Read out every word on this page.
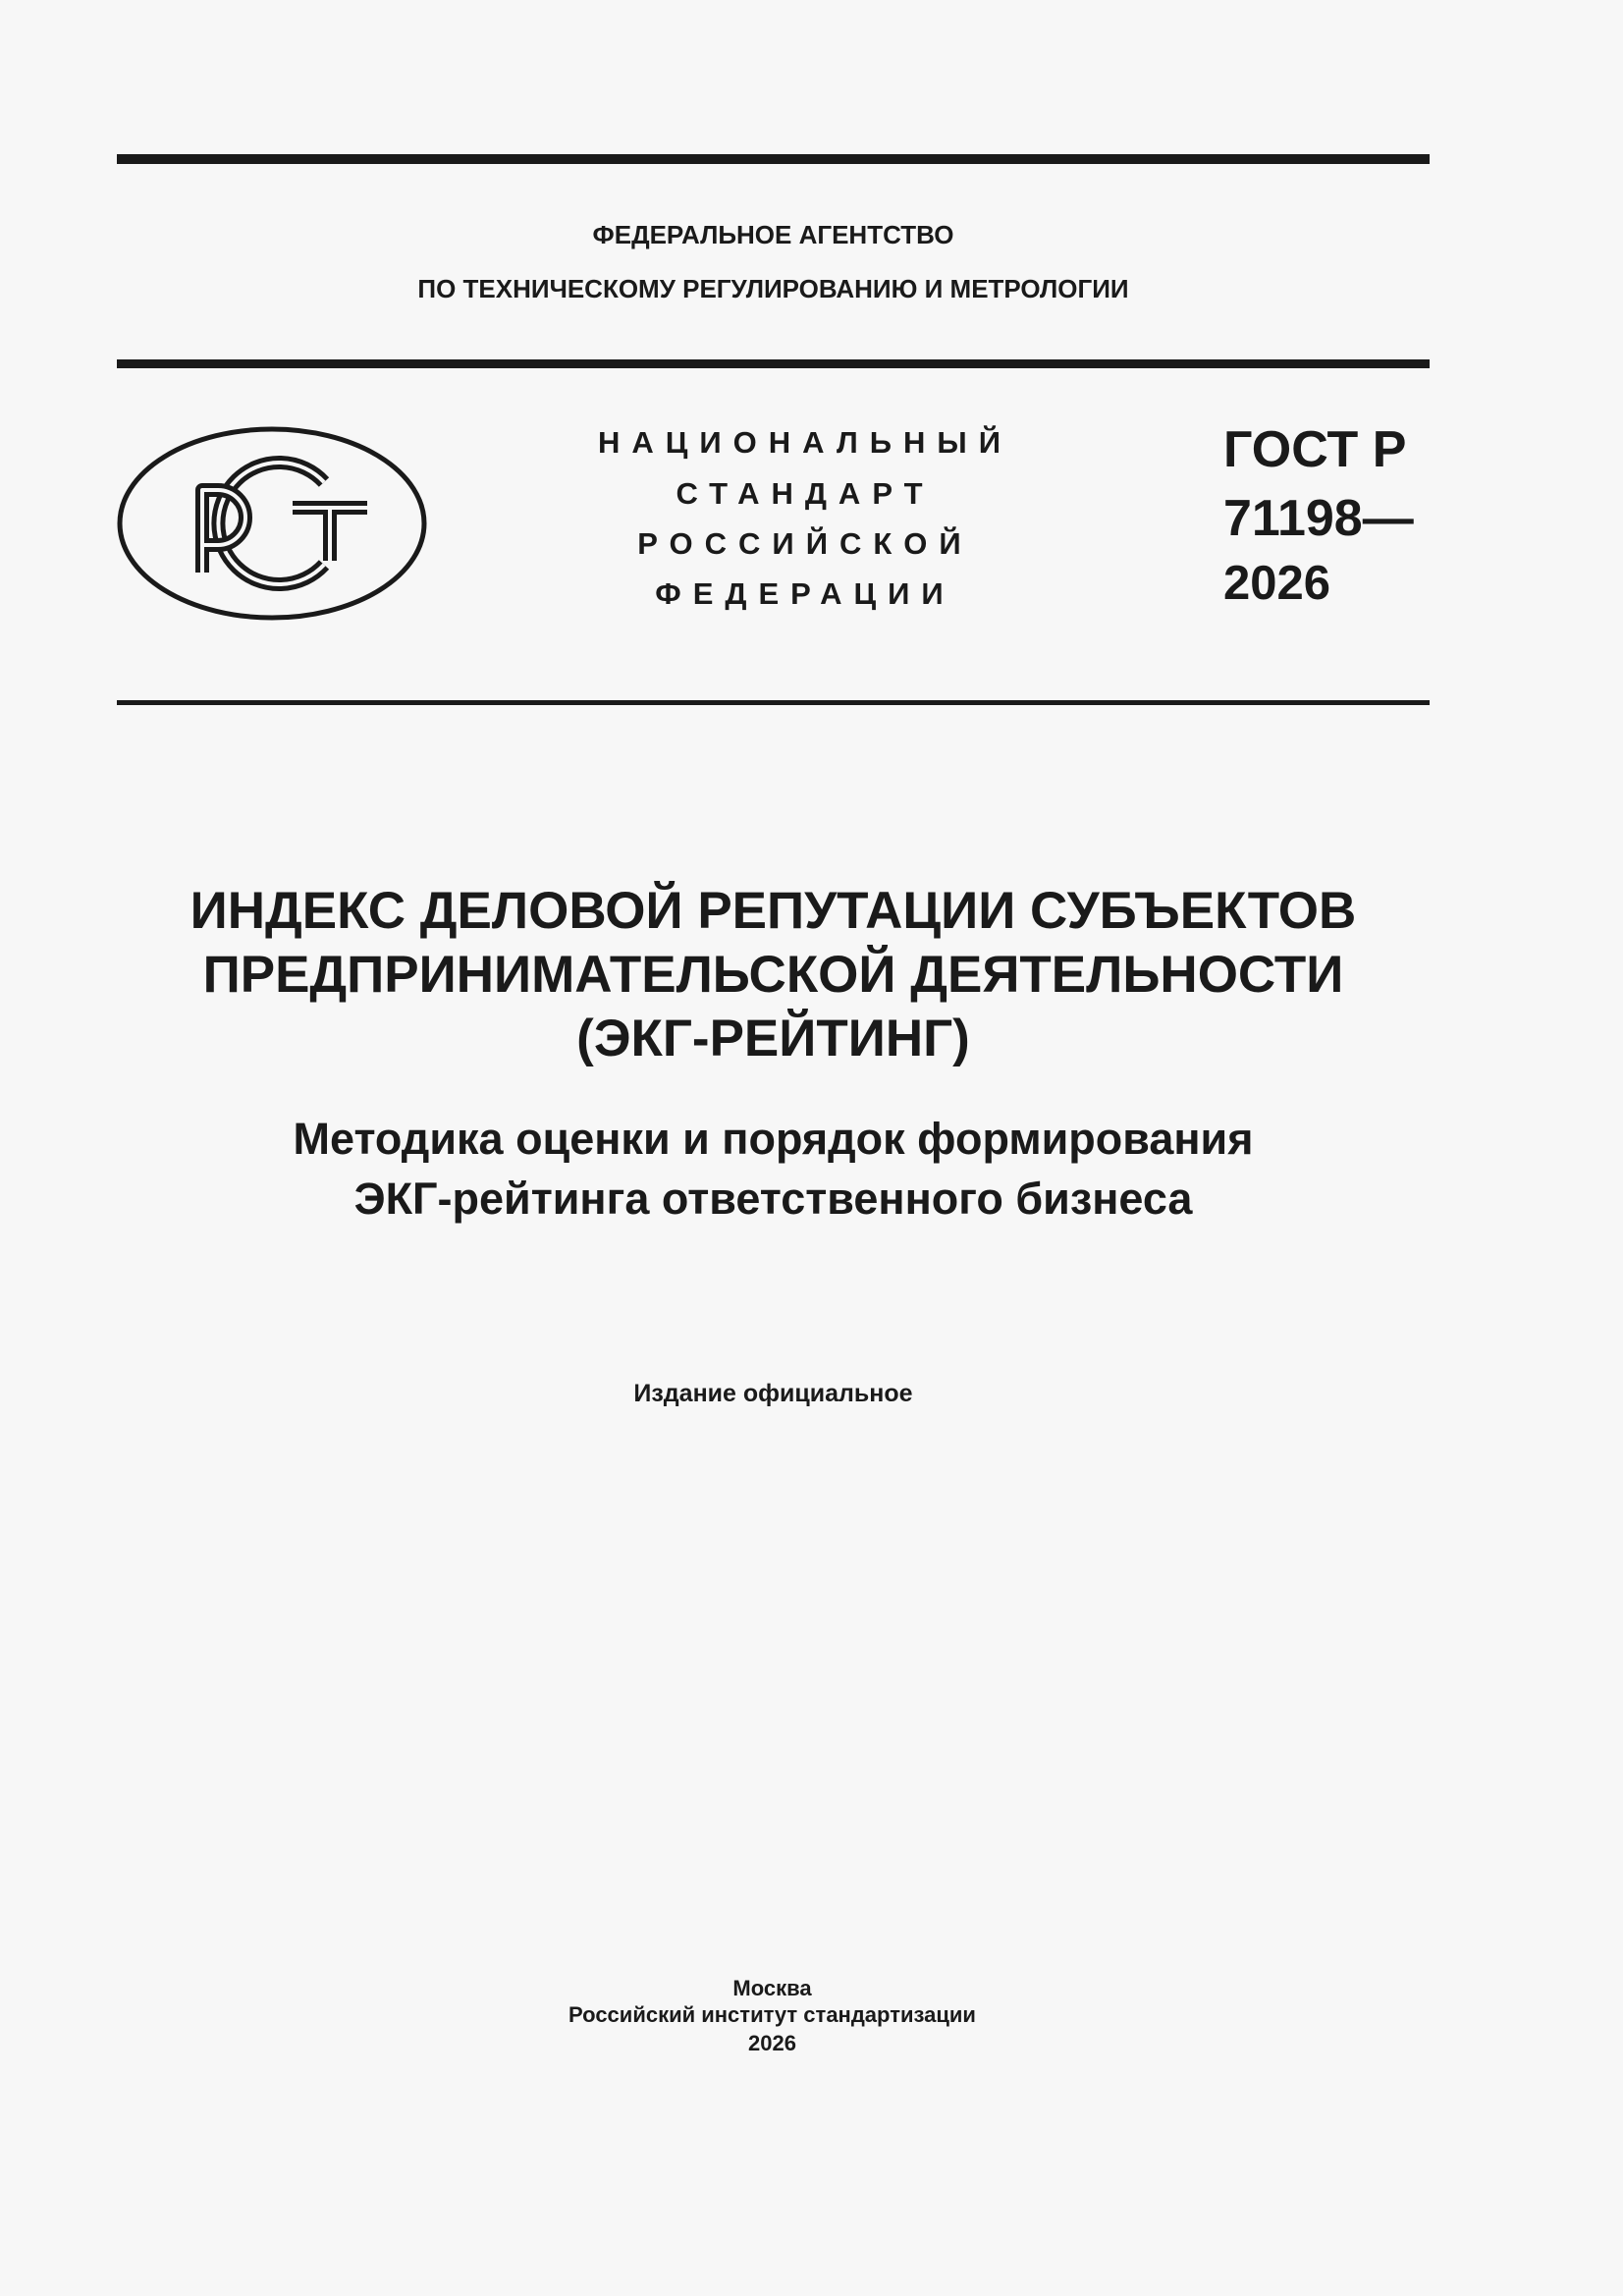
ФЕДЕРАЛЬНОЕ АГЕНТСТВО
ПО ТЕХНИЧЕСКОМУ РЕГУЛИРОВАНИЮ И МЕТРОЛОГИИ
НАЦИОНАЛЬНЫЙ
СТАНДАРТ
РОССИЙСКОЙ
ФЕДЕРАЦИИ
ГОСТ Р
71198—
2026
ИНДЕКС ДЕЛОВОЙ РЕПУТАЦИИ СУБЪЕКТОВ
ПРЕДПРИНИМАТЕЛЬСКОЙ ДЕЯТЕЛЬНОСТИ
(ЭКГ-РЕЙТИНГ)
Методика оценки и порядок формирования
ЭКГ-рейтинга ответственного бизнеса
Издание официальное
Москва
Российский институт стандартизации
2026
